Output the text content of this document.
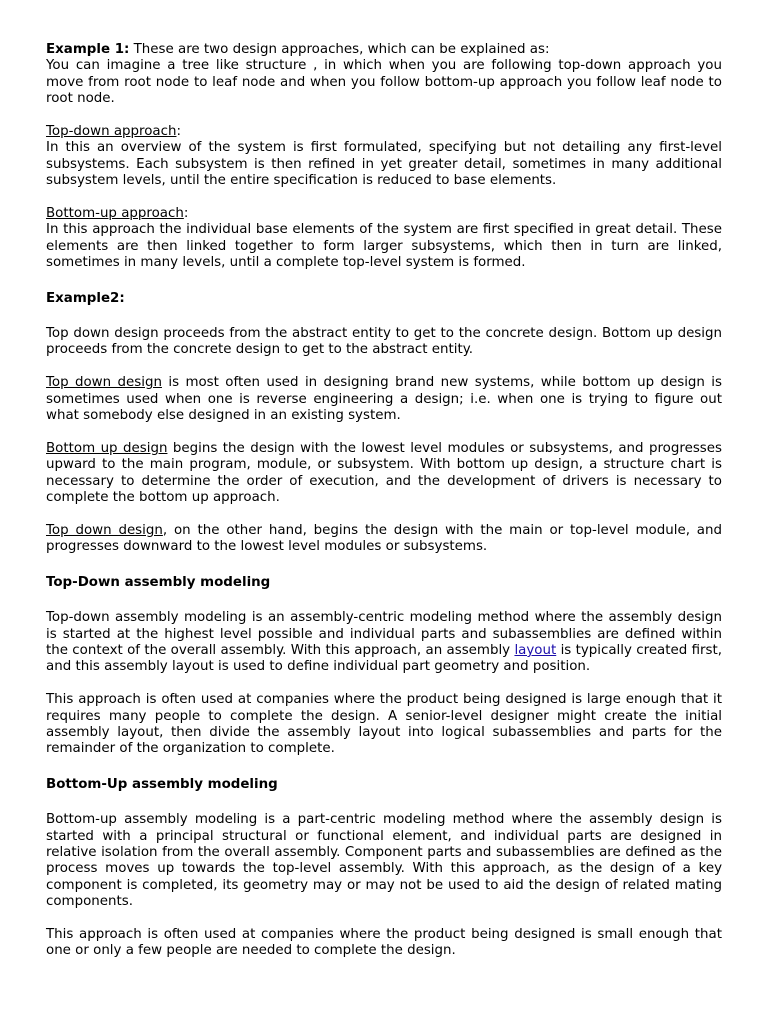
Example 1: These are two design approaches, which can be explained as:

You can imagine a tree like structure , in which when you are following top-down approach you move from root node to leaf node and when you follow bottom-up approach you follow leaf node to root node.

Top-down approach:

In this an overview of the system is first formulated, specifying but not detailing any first-level subsystems. Each subsystem is then refined in yet greater detail, sometimes in many additional subsystem levels, until the entire specification is reduced to base elements.

Bottom-up approach:

In this approach the individual base elements of the system are first specified in great detail. These elements are then linked together to form larger subsystems, which then in turn are linked, sometimes in many levels, until a complete top-level system is formed.

Example2:

Top down design proceeds from the abstract entity to get to the concrete design. Bottom up design proceeds from the concrete design to get to the abstract entity.

Top down design is most often used in designing brand new systems, while bottom up design is sometimes used when one is reverse engineering a design; i.e. when one is trying to figure out what somebody else designed in an existing system.

Bottom up design begins the design with the lowest level modules or subsystems, and progresses upward to the main program, module, or subsystem. With bottom up design, a structure chart is necessary to determine the order of execution, and the development of drivers is necessary to complete the bottom up approach.

Top down design, on the other hand, begins the design with the main or top-level module, and progresses downward to the lowest level modules or subsystems.

Top-Down assembly modeling

Top-down assembly modeling is an assembly-centric modeling method where the assembly design is started at the highest level possible and individual parts and subassemblies are defined within the context of the overall assembly. With this approach, an assembly layout is typically created first, and this assembly layout is used to define individual part geometry and position.

This approach is often used at companies where the product being designed is large enough that it requires many people to complete the design. A senior-level designer might create the initial assembly layout, then divide the assembly layout into logical subassemblies and parts for the remainder of the organization to complete.

Bottom-Up assembly modeling

Bottom-up assembly modeling is a part-centric modeling method where the assembly design is started with a principal structural or functional element, and individual parts are designed in relative isolation from the overall assembly. Component parts and subassemblies are defined as the process moves up towards the top-level assembly. With this approach, as the design of a key component is completed, its geometry may or may not be used to aid the design of related mating components.

This approach is often used at companies where the product being designed is small enough that one or only a few people are needed to complete the design.
